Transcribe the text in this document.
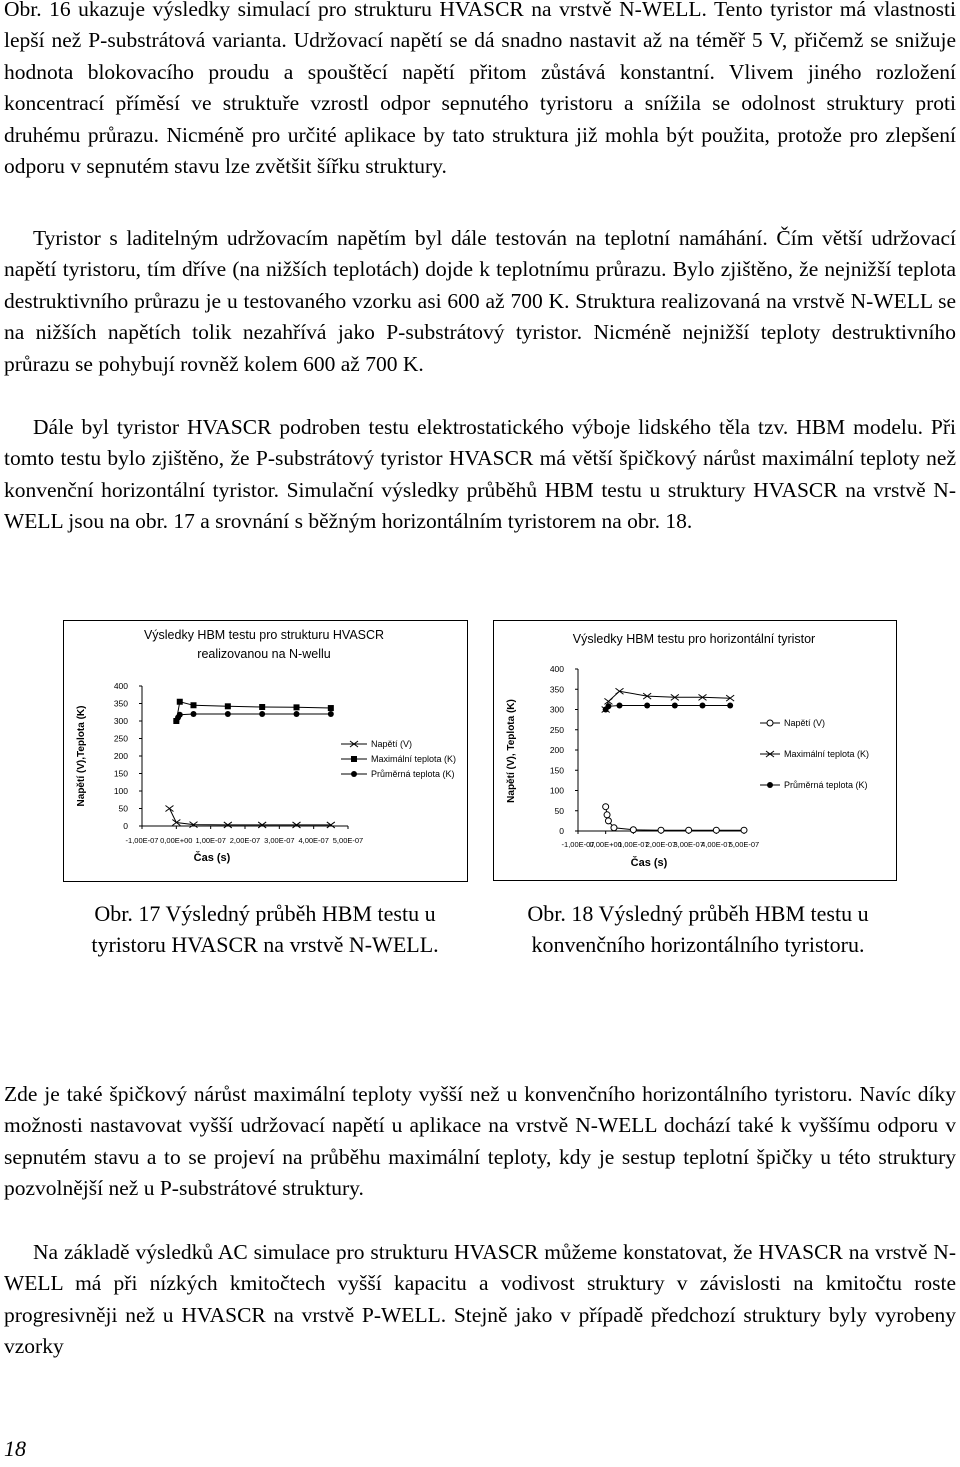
Obr. 16 ukazuje výsledky simulací pro strukturu HVASCR na vrstvě N-WELL. Tento tyristor má vlastnosti lepší než P-substrátová varianta. Udržovací napětí se dá snadno nastavit až na téměř 5 V, přičemž se snižuje hodnota blokovacího proudu a spouštěcí napětí přitom zůstává konstantní. Vlivem jiného rozložení koncentrací příměsí ve struktuře vzrostl odpor sepnutého tyristoru a snížila se odolnost struktury proti druhému průrazu. Nicméně pro určité aplikace by tato struktura již mohla být použita, protože pro zlepšení odporu v sepnutém stavu lze zvětšit šířku struktury.

Tyristor s laditelným udržovacím napětím byl dále testován na teplotní namáhání. Čím větší udržovací napětí tyristoru, tím dříve (na nižších teplotách) dojde k teplotnímu průrazu. Bylo zjištěno, že nejnižší teplota destruktivního průrazu je u testovaného vzorku asi 600 až 700 K. Struktura realizovaná na vrstvě N-WELL se na nižších napětích tolik nezahřívá jako P-substrátový tyristor. Nicméně nejnižší teploty destruktivního průrazu se pohybují rovněž kolem 600 až 700 K.

Dále byl tyristor HVASCR podroben testu elektrostatického výboje lidského těla tzv. HBM modelu. Při tomto testu bylo zjištěno, že P-substrátový tyristor HVASCR má větší špičkový nárůst maximální teploty než konvenční horizontální tyristor. Simulační výsledky průběhů HBM testu u struktury HVASCR na vrstvě N-WELL jsou na obr. 17 a srovnání s běžným horizontálním tyristorem na obr. 18.

Výsledky HBM testu pro strukturu HVASCR
realizovanou na N-wellu
0
50
100
150
200
250
300
350
400
-1,00E-07 0,00E+00 1,00E-07 2,00E-07 3,00E-07 4,00E-07 5,00E-07
Čas (s)
Napětí (V),Teplota (K)	Napětí (V)
Maximální teplota (K)
Průměrná teplota (K)
Výsledky HBM testu pro horizontální tyristor
0
50
100
150
200
250
300
350
400
-1,00E-07
0,00E+00
1,00E-07
2,00E-07
3,00E-07
4,00E-07
5,00E-07
Čas (s)
Napětí (V), Teplota (K)	Napětí (V)
Maximální teplota (K)
Průměrná teplota (K)

Obr. 17 Výsledný průběh HBM testu u tyristoru HVASCR na vrstvě N-WELL.

Obr. 18 Výsledný průběh HBM testu u konvenčního horizontálního tyristoru.

Zde je také špičkový nárůst maximální teploty vyšší než u konvenčního horizontálního tyristoru. Navíc díky možnosti nastavovat vyšší udržovací napětí u aplikace na vrstvě N-WELL dochází také k vyššímu odporu v sepnutém stavu a to se projeví na průběhu maximální teploty, kdy je sestup teplotní špičky u této struktury pozvolnější než u P-substrátové struktury.

Na základě výsledků AC simulace pro strukturu HVASCR můžeme konstatovat, že HVASCR na vrstvě N-WELL má při nízkých kmitočtech vyšší kapacitu a vodivost struktury v závislosti na kmitočtu roste progresivněji než u HVASCR na vrstvě P-WELL. Stejně jako v případě předchozí struktury byly vyrobeny vzorky

18
